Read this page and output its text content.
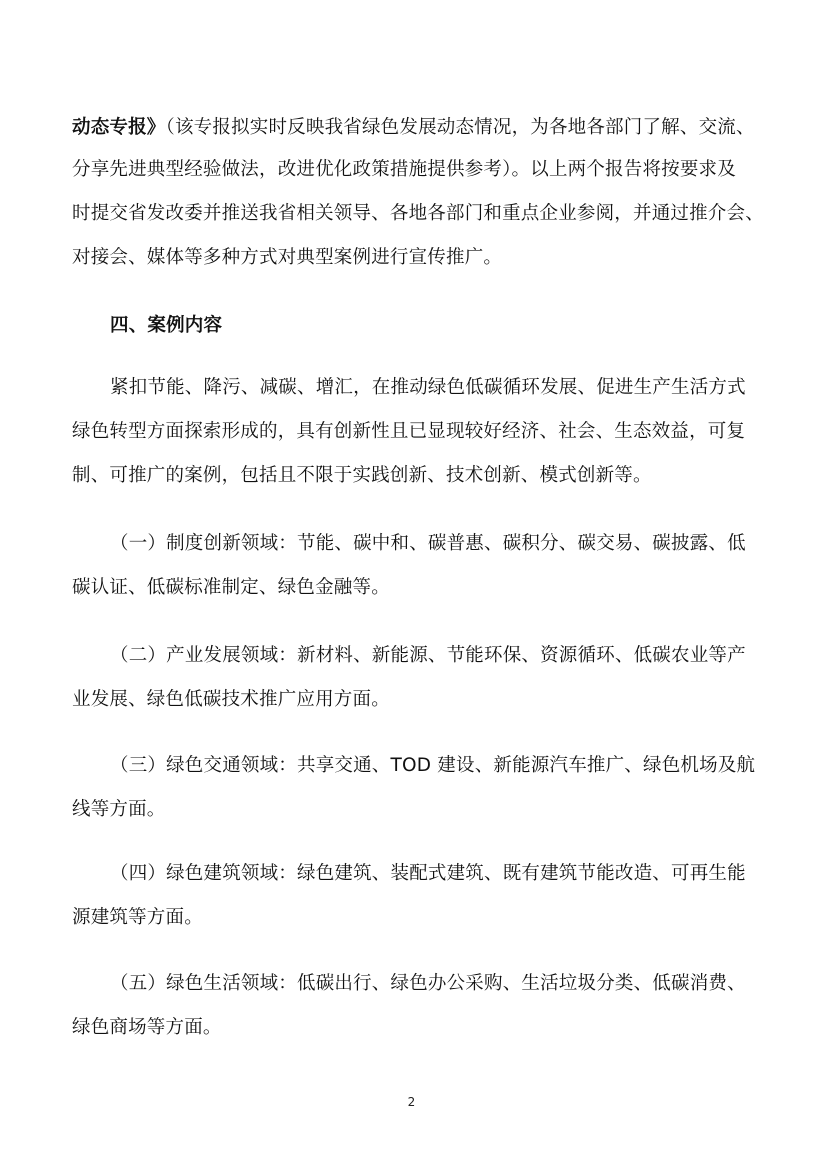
动态专报》（该专报拟实时反映我省绿色发展动态情况，为各地各部门了解、交流、
分享先进典型经验做法，改进优化政策措施提供参考）。以上两个报告将按要求及
时提交省发改委并推送我省相关领导、各地各部门和重点企业参阅，并通过推介会、
对接会、媒体等多种方式对典型案例进行宣传推广。
四、案例内容
紧扣节能、降污、减碳、增汇，在推动绿色低碳循环发展、促进生产生活方式
绿色转型方面探索形成的，具有创新性且已显现较好经济、社会、生态效益，可复
制、可推广的案例，包括且不限于实践创新、技术创新、模式创新等。
（一）制度创新领域：节能、碳中和、碳普惠、碳积分、碳交易、碳披露、低
碳认证、低碳标准制定、绿色金融等。
（二）产业发展领域：新材料、新能源、节能环保、资源循环、低碳农业等产
业发展、绿色低碳技术推广应用方面。
（三）绿色交通领域：共享交通、TOD 建设、新能源汽车推广、绿色机场及航
线等方面。
（四）绿色建筑领域：绿色建筑、装配式建筑、既有建筑节能改造、可再生能
源建筑等方面。
（五）绿色生活领域：低碳出行、绿色办公采购、生活垃圾分类、低碳消费、
绿色商场等方面。
2
